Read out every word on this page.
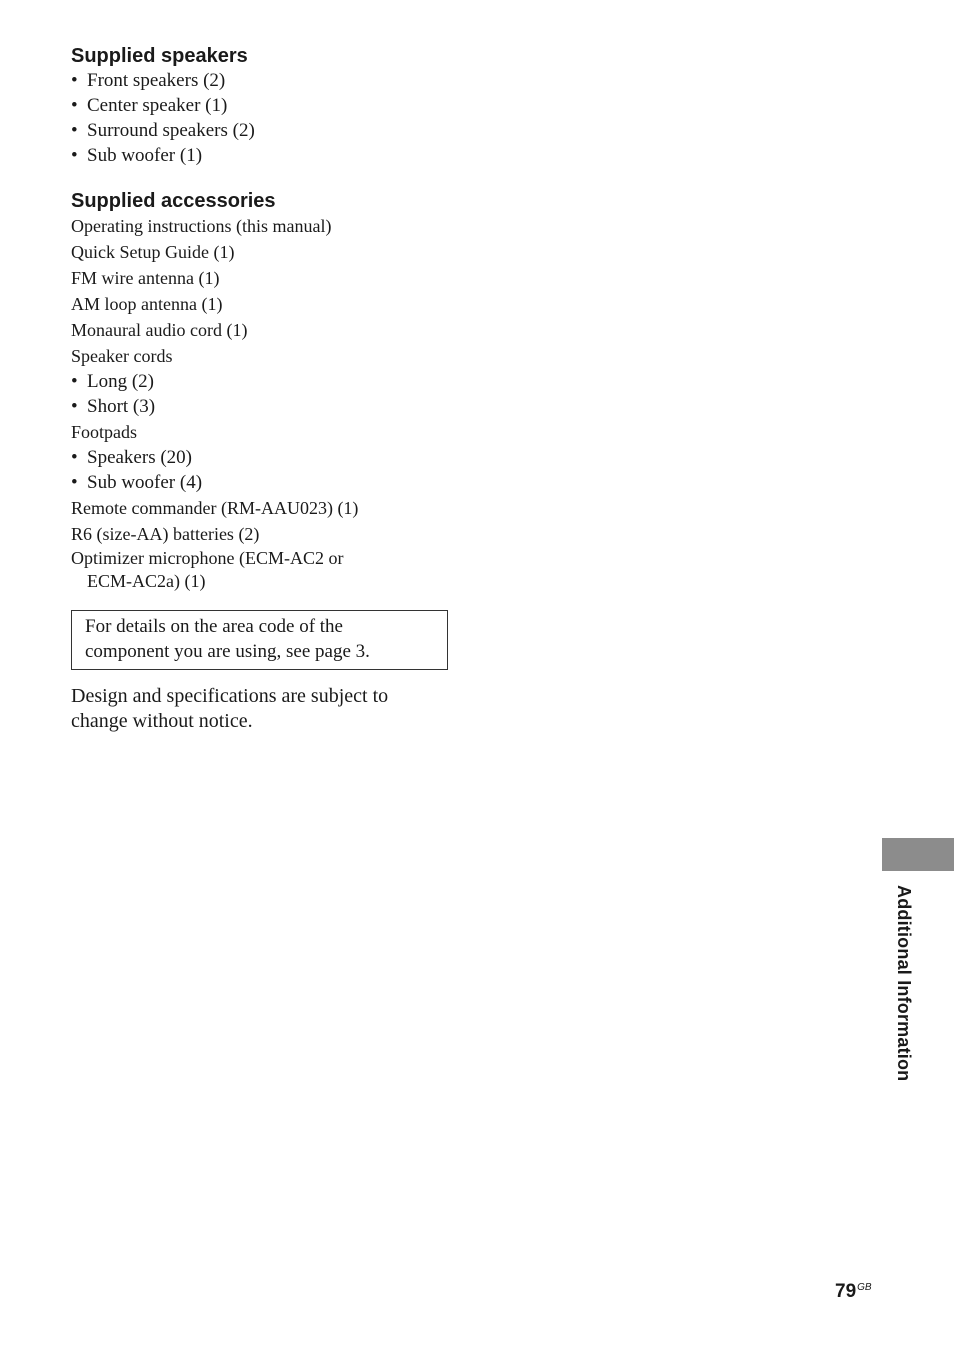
Supplied speakers

• Front speakers (2)

• Center speaker (1)

• Surround speakers (2)

• Sub woofer (1)

Supplied accessories

Operating instructions (this manual)

Quick Setup Guide (1)

FM wire antenna (1)

AM loop antenna (1)

Monaural audio cord (1)

Speaker cords

• Long (2)

• Short (3)

Footpads

• Speakers (20)

• Sub woofer (4)

Remote commander (RM-AAU023) (1)

R6 (size-AA) batteries (2)

Optimizer microphone (ECM-AC2 or
ECM-AC2a) (1)

For details on the area code of the
component you are using, see page 3.

Design and specifications are subject to
change without notice.

Additional Information
$79^{GB}$
